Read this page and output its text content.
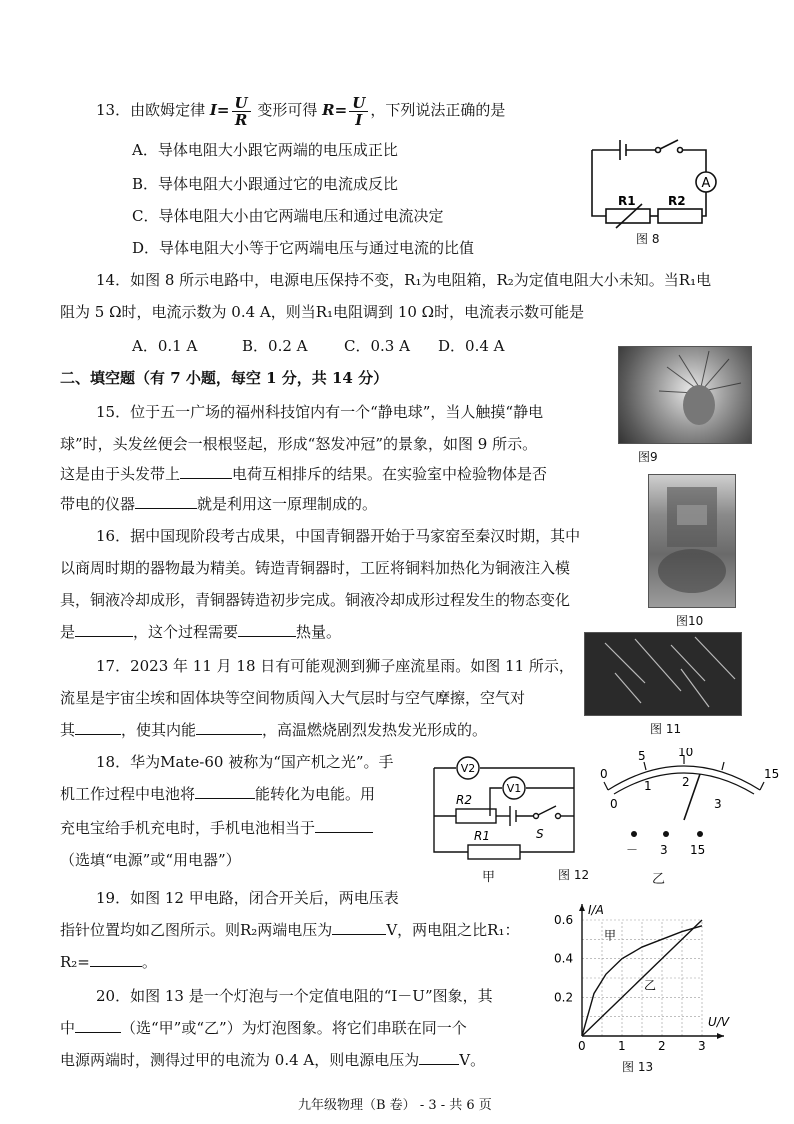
13．由欧姆定律 $I= \frac{U}{R}$ 变形可得 $R= \frac{U}{I}$ ，下列说法正确的是
A．导体电阻大小跟它两端的电压成正比
B．导体电阻大小跟通过它的电流成反比
C．导体电阻大小由它两端电压和通过电流决定
D．导体电阻大小等于它两端电压与通过电流的比值
A
R1	R2
图 8
14．如图 8 所示电路中，电源电压保持不变，R₁为电阻箱，R₂为定值电阻大小未知。当R₁电
阻为 5 Ω时，电流示数为 0.4 A，则当R₁电阻调到 10 Ω时，电流表示数可能是
A．0.1 A	B．0.2 A C．0.3 A D．0.4 A
二、填空题（有 7 小题，每空 1 分，共 14 分）
图9
15．位于五一广场的福州科技馆内有一个“静电球”，当人触摸“静电
球”时，头发丝便会一根根竖起，形成“怒发冲冠”的景象，如图 9 所示。
这是由于头发带上	电荷互相排斥的结果。在实验室中检验物体是否
带电的仪器	就是利用这一原理制成的。
图10
16．据中国现阶段考古成果，中国青铜器开始于马家窑至秦汉时期，其中
以商周时期的器物最为精美。铸造青铜器时，工匠将铜料加热化为铜液注入模
具，铜液冷却成形，青铜器铸造初步完成。铜液冷却成形过程发生的物态变化
是	，这个过程需要	热量。
图 11
17．2023 年 11 月 18 日有可能观测到狮子座流星雨。如图 11 所示，
流星是宇宙尘埃和固体块等空间物质闯入大气层时与空气摩擦，空气对
其	，使其内能	，高温燃烧剧烈发热发光形成的。
V2
V1
R2
R1	S
甲
0
5	10
15
0
1	2
3
－ 3 15
图 12	乙
18．华为Mate-60 被称为“国产机之光”。手
机工作过程中电池将	能转化为电能。用
充电宝给手机充电时，手机电池相当于
（选填“电源”或“用电器”）
19．如图 12 甲电路，闭合开关后，两电压表
指针位置均如乙图所示。则R₂两端电压为	V，两电阻之比R₁：
R₂=	。
20．如图 13 是一个灯泡与一个定值电阻的“I－U”图象，其
中	（选“甲”或“乙”）为灯泡图象。将它们串联在同一个
电源两端时，测得过甲的电流为 0.4 A，则电源电压为	V。
0	1	2	3
0.2
0.4
0.6
U/V
I/A
甲
乙
图 13
九年级物理（B 卷） - 3 - 共 6 页
